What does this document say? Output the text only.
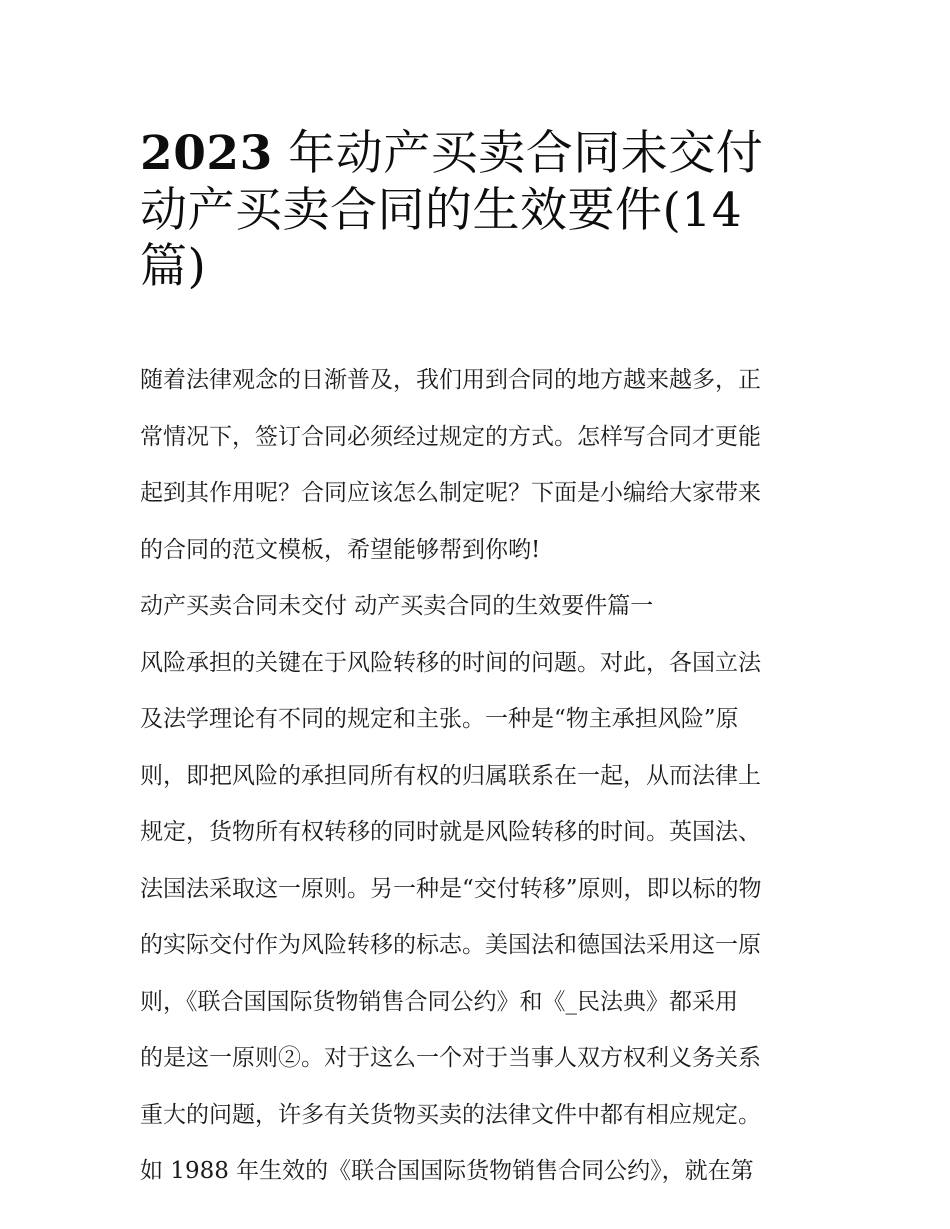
2023 年动产买卖合同未交付
动产买卖合同的生效要件(14
篇)
随着法律观念的日渐普及，我们用到合同的地方越来越多，正
常情况下，签订合同必须经过规定的方式。怎样写合同才更能
起到其作用呢？合同应该怎么制定呢？下面是小编给大家带来
的合同的范文模板，希望能够帮到你哟!
动产买卖合同未交付 动产买卖合同的生效要件篇一
风险承担的关键在于风险转移的时间的问题。对此，各国立法
及法学理论有不同的规定和主张。一种是“物主承担风险”原
则，即把风险的承担同所有权的归属联系在一起，从而法律上
规定，货物所有权转移的同时就是风险转移的时间。英国法、
法国法采取这一原则。另一种是“交付转移”原则，即以标的物
的实际交付作为风险转移的标志。美国法和德国法采用这一原
则，《联合国国际货物销售合同公约》和《_民法典》都采用
的是这一原则②。对于这么一个对于当事人双方权利义务关系
重大的问题，许多有关货物买卖的法律文件中都有相应规定。
如 1988 年生效的《联合国国际货物销售合同公约》，就在第
